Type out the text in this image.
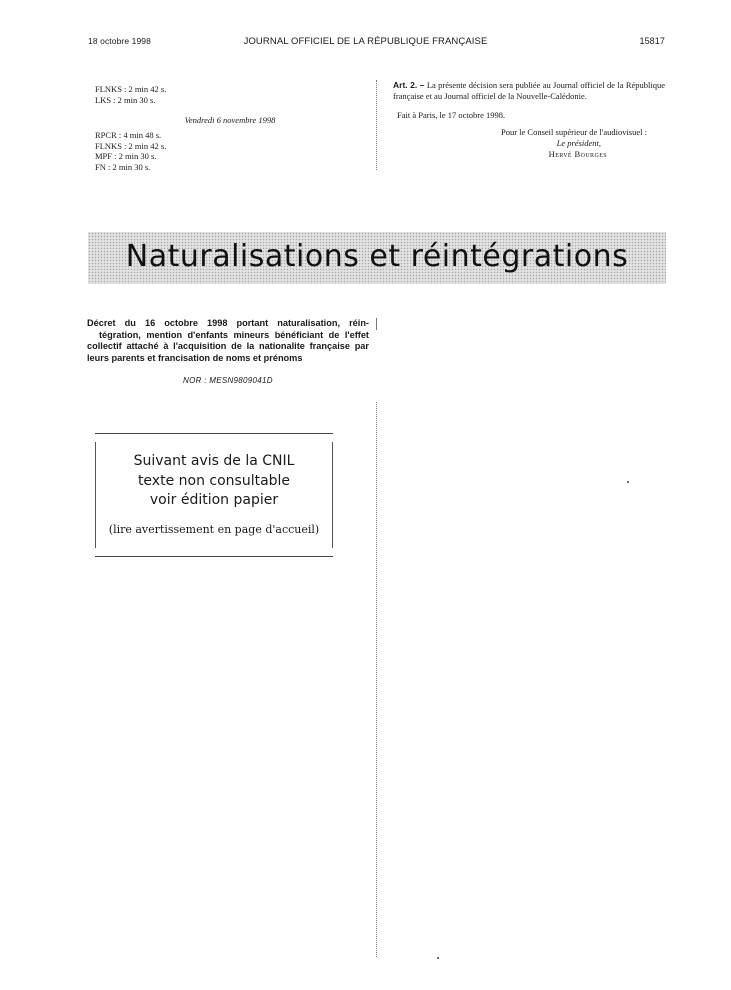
18 octobre 1998	JOURNAL OFFICIEL DE LA RÉPUBLIQUE FRANÇAISE	15817
FLNKS : 2 min 42 s.
LKS : 2 min 30 s.
Vendredi 6 novembre 1998
RPCR : 4 min 48 s.
FLNKS : 2 min 42 s.
MPF : 2 min 30 s.
FN : 2 min 30 s.
Art. 2. – La présente décision sera publiée au Journal officiel de la République française et au Journal officiel de la Nouvelle-Calédonie.
Fait à Paris, le 17 octobre 1998.
Pour le Conseil supérieur de l'audiovisuel :
Le président,
Hervé Bourges
Naturalisations et réintégrations
Décret du 16 octobre 1998 portant naturalisation, réin- tégration, mention d'enfants mineurs bénéficiant de l'effet collectif attaché à l'acquisition de la nationalite française par leurs parents et francisation de noms et prénoms
NOR : MESN9809041D
Suivant avis de la CNIL
texte non consultable
voir édition papier
(lire avertissement en page d'accueil)
